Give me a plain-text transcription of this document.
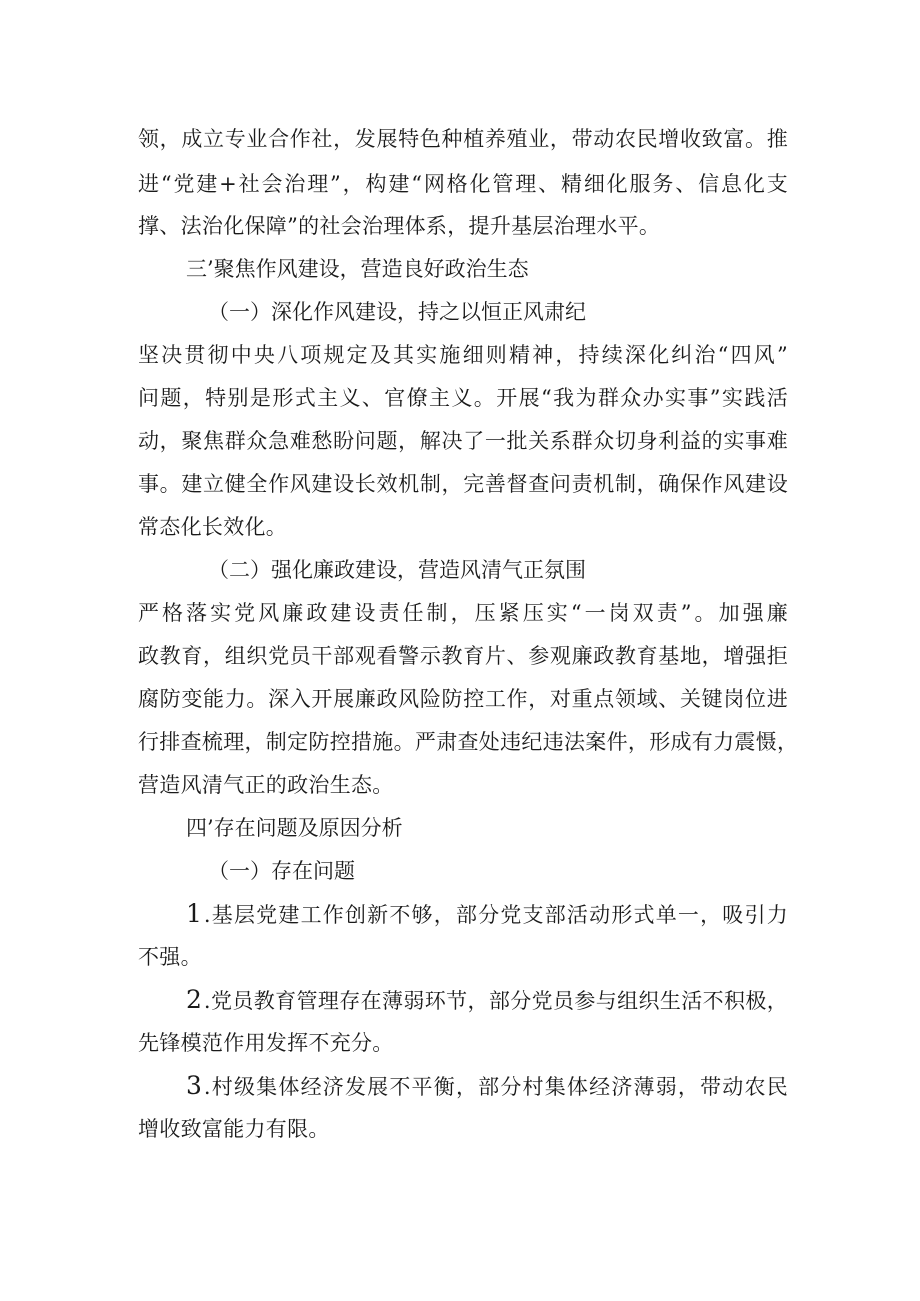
领，成立专业合作社，发展特色种植养殖业，带动农民增收致富。推
进“党建+社会治理”，构建“网格化管理、精细化服务、信息化支
撑、法治化保障”的社会治理体系，提升基层治理水平。
三’聚焦作风建设，营造良好政治生态
（一）深化作风建设，持之以恒正风肃纪
坚决贯彻中央八项规定及其实施细则精神，持续深化纠治“四风”
问题，特别是形式主义、官僚主义。开展“我为群众办实事”实践活
动，聚焦群众急难愁盼问题，解决了一批关系群众切身利益的实事难
事。建立健全作风建设长效机制，完善督查问责机制，确保作风建设
常态化长效化。
（二）强化廉政建设，营造风清气正氛围
严格落实党风廉政建设责任制，压紧压实“一岗双责”。加强廉
政教育，组织党员干部观看警示教育片、参观廉政教育基地，增强拒
腐防变能力。深入开展廉政风险防控工作，对重点领域、关键岗位进
行排查梳理，制定防控措施。严肃查处违纪违法案件，形成有力震慑，
营造风清气正的政治生态。
四’存在问题及原因分析
（一）存在问题
1 .基层党建工作创新不够，部分党支部活动形式单一，吸引力
不强。
2 .党员教育管理存在薄弱环节，部分党员参与组织生活不积极，
先锋模范作用发挥不充分。
3 .村级集体经济发展不平衡，部分村集体经济薄弱，带动农民
增收致富能力有限。
